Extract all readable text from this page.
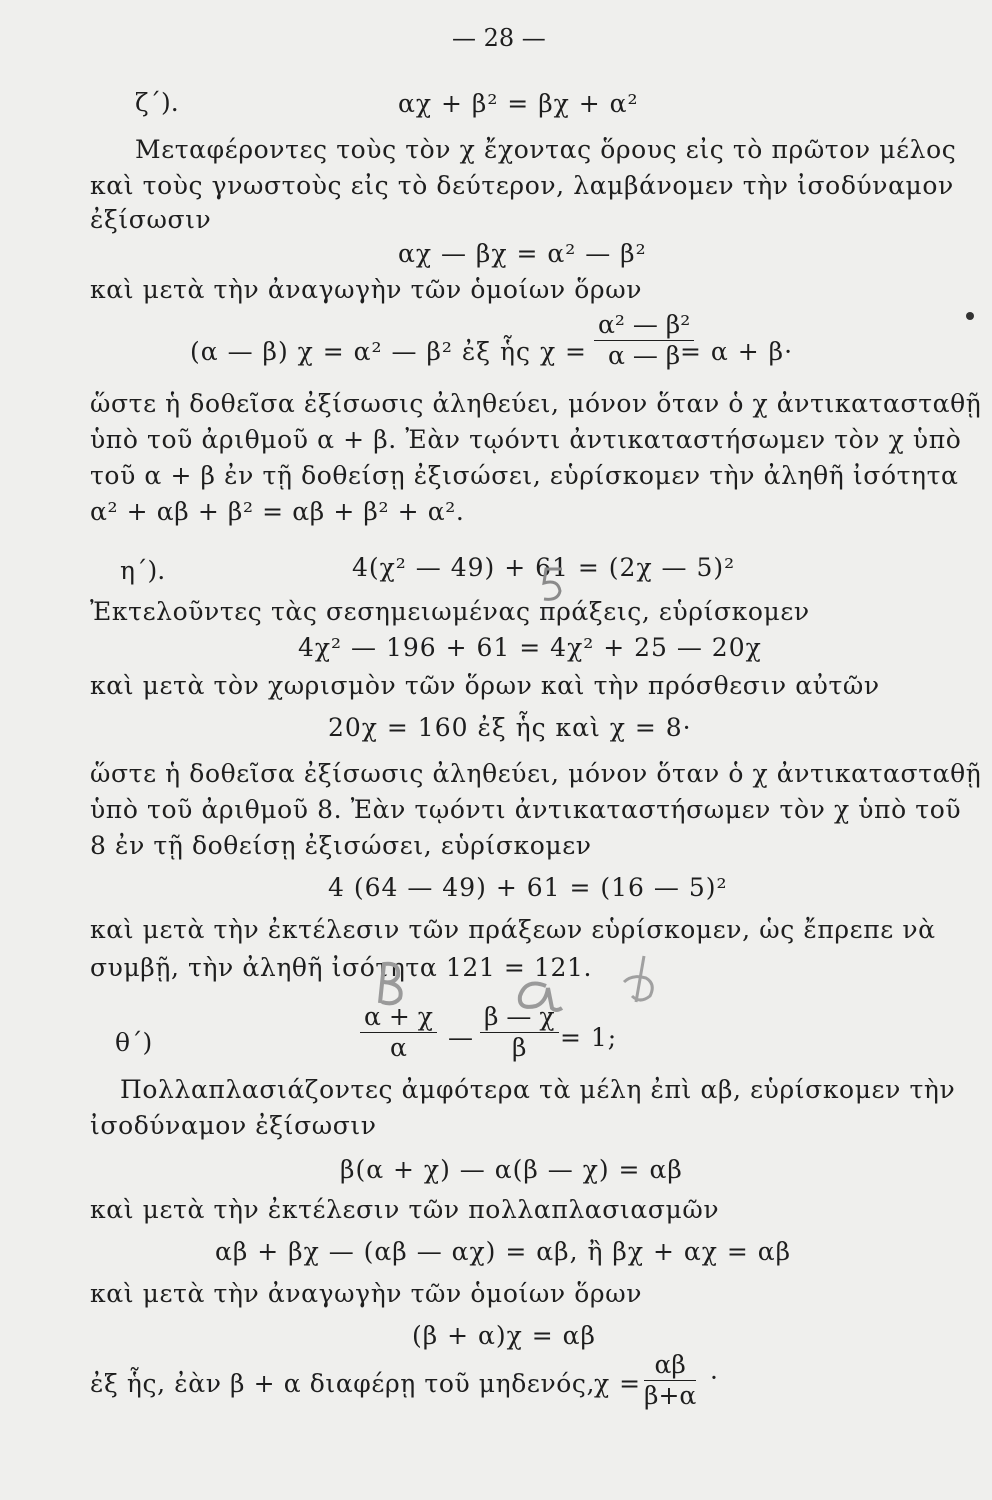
— 28 —
ζ΄).	αχ + β² = βχ + α²
Μεταφέροντες τοὺς τὸν χ ἔχοντας ὅρους εἰς τὸ πρῶτον μέλος
καὶ τοὺς γνωστοὺς εἰς τὸ δεύτερον, λαμβάνομεν τὴν ἰσοδύναμον
ἐξίσωσιν
αχ — βχ = α² — β²
καὶ μετὰ τὴν ἀναγωγὴν τῶν ὁμοίων ὅρων
(α — β) χ = α² — β² ἐξ ἧς $\chi = \frac{\text{α² — β²}}{\alpha — \beta}$
= α + β·
ὥστε ἡ δοθεῖσα ἐξίσωσις ἀληθεύει, μόνον ὅταν ὁ χ ἀντικατασταθῇ
ὑπὸ τοῦ ἀριθμοῦ α + β. Ἐὰν τῳόντι ἀντικαταστήσωμεν τὸν χ ὑπὸ
τοῦ α + β ἐν τῇ δοθείσῃ ἐξισώσει, εὑρίσκομεν τὴν ἀληθῆ ἰσότητα
α² + αβ + β² = αβ + β² + α².
η΄).	4(χ² — 49) + 61 = (2χ — 5)²
Ἐκτελοῦντες τὰς σεσημειωμένας πράξεις, εὑρίσκομεν
4χ² — 196 + 61 = 4χ² + 25 — 20χ
καὶ μετὰ τὸν χωρισμὸν τῶν ὅρων καὶ τὴν πρόσθεσιν αὐτῶν
20χ = 160 ἐξ ἧς καὶ χ = 8·
ὥστε ἡ δοθεῖσα ἐξίσωσις ἀληθεύει, μόνον ὅταν ὁ χ ἀντικατασταθῇ
ὑπὸ τοῦ ἀριθμοῦ 8. Ἐὰν τῳόντι ἀντικαταστήσωμεν τὸν χ ὑπὸ τοῦ
8 ἐν τῇ δοθείσῃ ἐξισώσει, εὑρίσκομεν
4 (64 — 49) + 61 = (16 — 5)²
καὶ μετὰ τὴν ἐκτέλεσιν τῶν πράξεων εὑρίσκομεν, ὡς ἔπρεπε νὰ
συμβῇ, τὴν ἀληθῆ ἰσότητα 121 = 121.
θ΄)	$\frac{\alpha + \chi}{\alpha}$ — $\frac{\beta — \chi}{\beta} = 1$;
Πολλαπλασιάζοντες ἀμφότερα τὰ μέλη ἐπὶ αβ, εὑρίσκομεν τὴν
ἰσοδύναμον ἐξίσωσιν
β(α + χ) — α(β — χ) = αβ
καὶ μετὰ τὴν ἐκτέλεσιν τῶν πολλαπλασιασμῶν
αβ + βχ — (αβ — αχ) = αβ, ἢ βχ + αχ = αβ
καὶ μετὰ τὴν ἀναγωγὴν τῶν ὁμοίων ὅρων
(β + α)χ = αβ
ἐξ ἧς, ἐὰν β + α διαφέρῃ τοῦ μηδενός,
$\chi = \frac{\alpha\beta}{\beta+\alpha}$ ·
